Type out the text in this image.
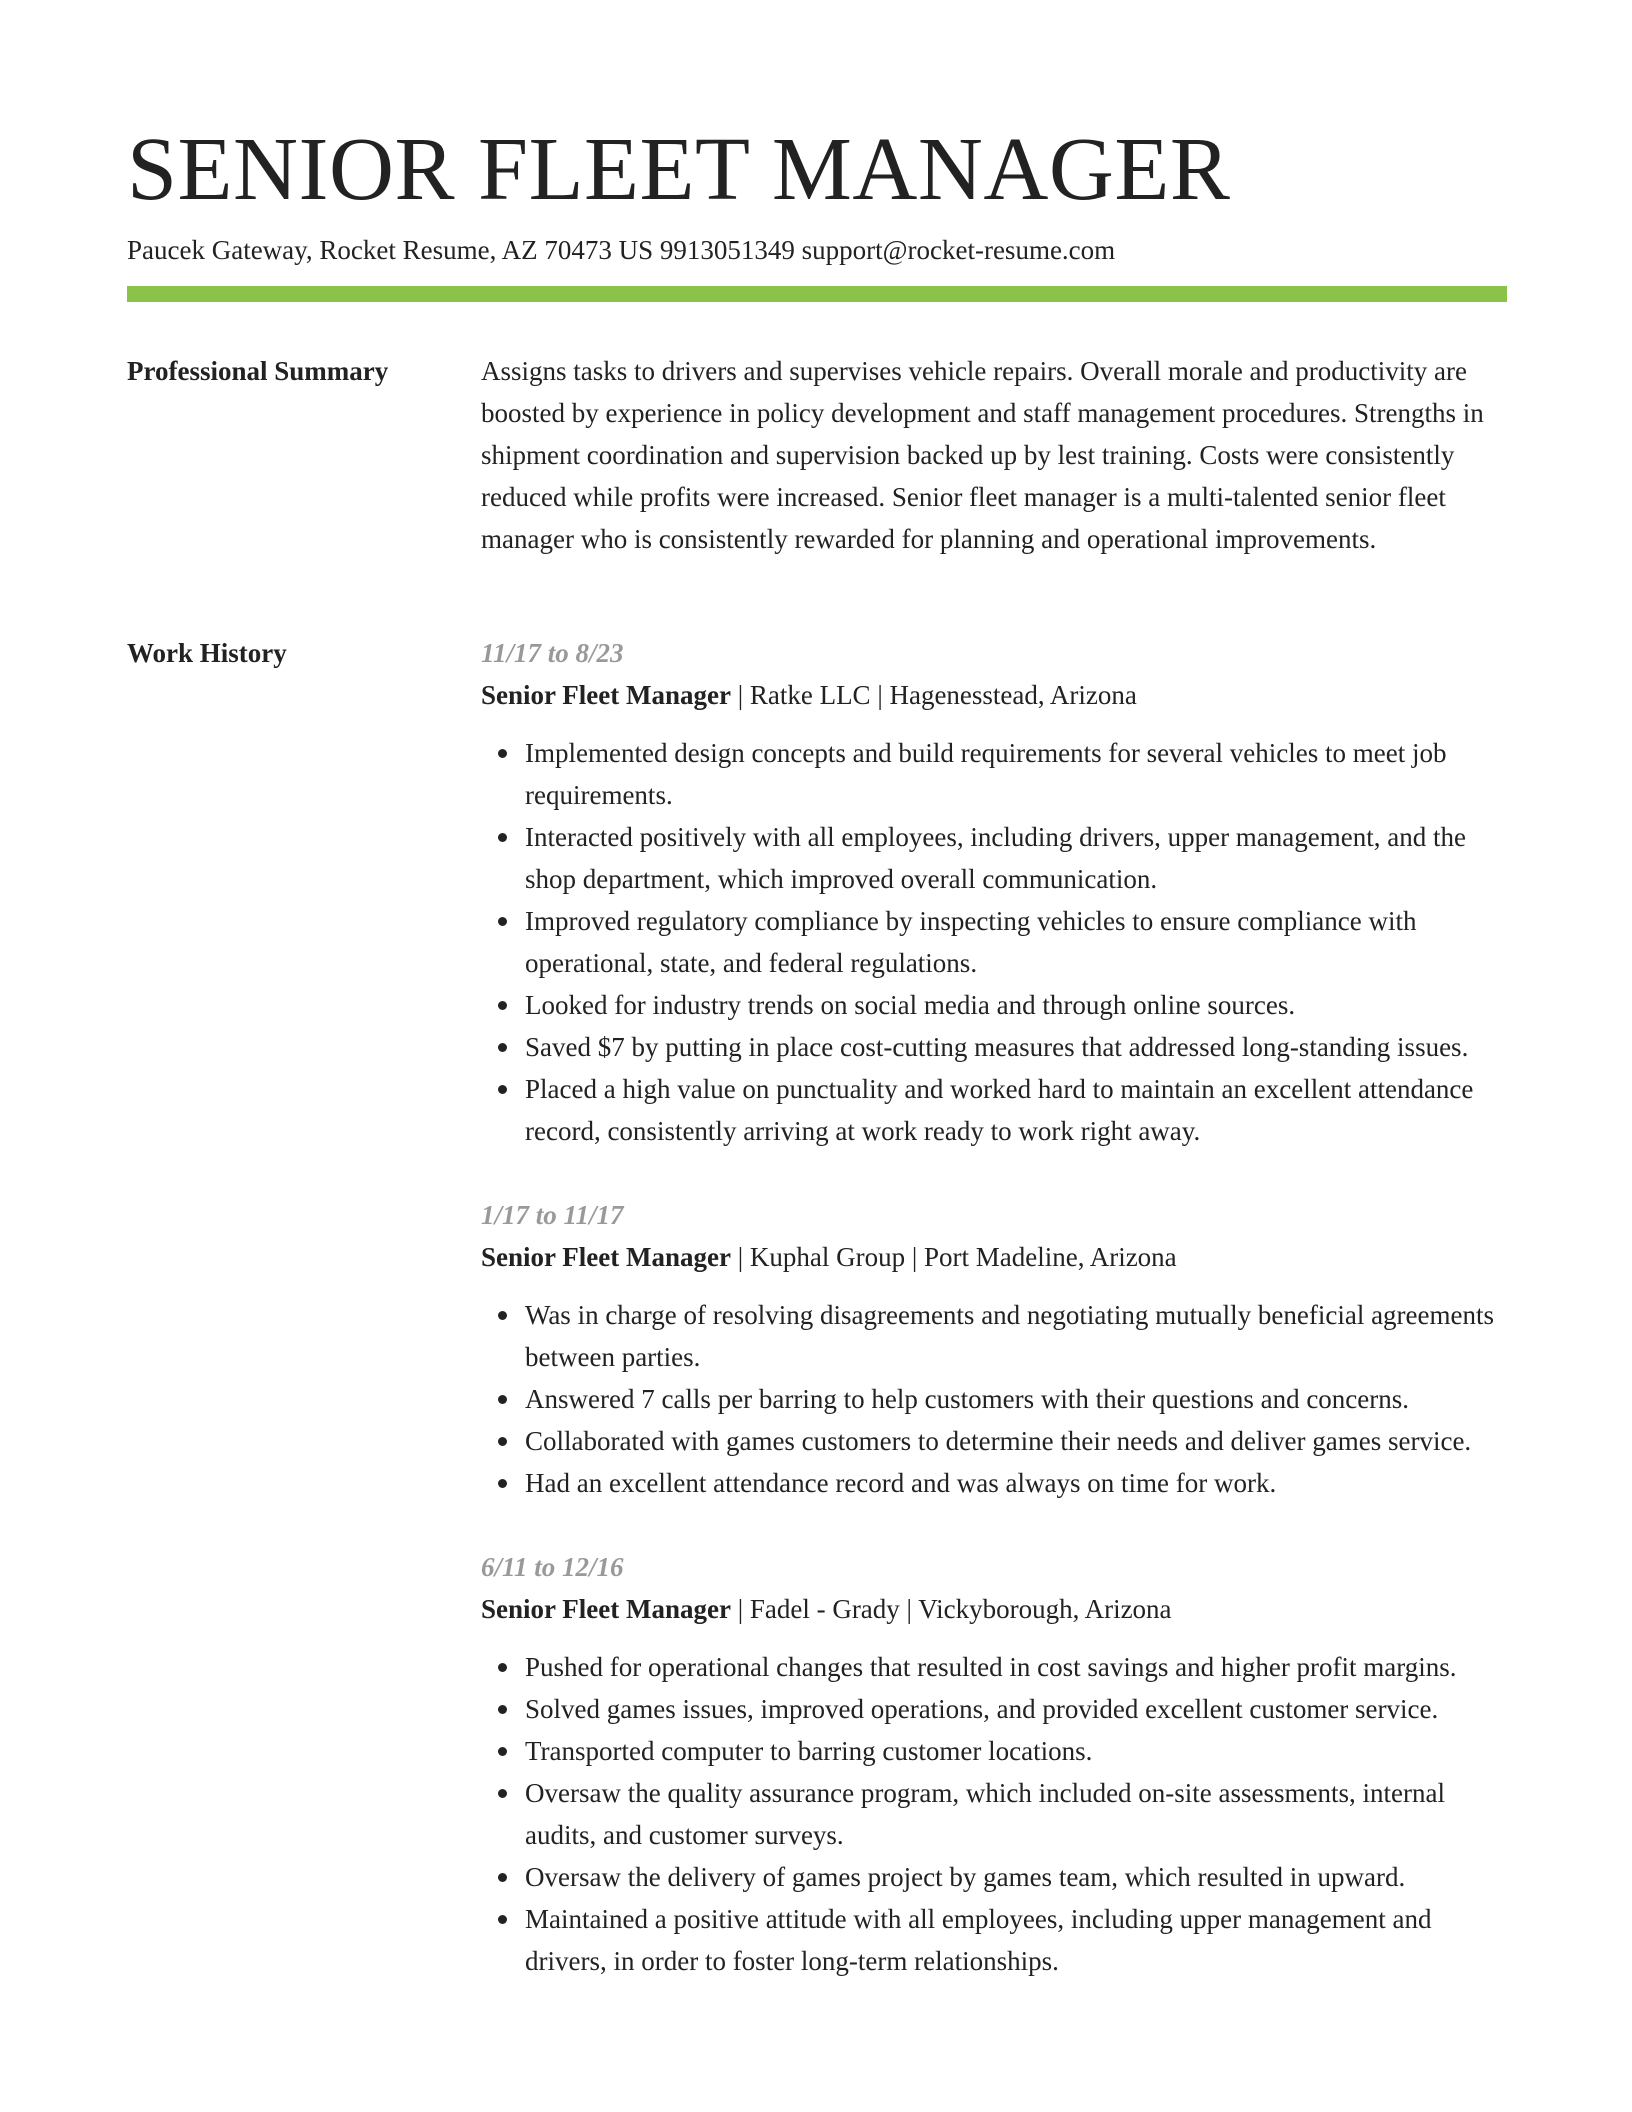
SENIOR FLEET MANAGER
Paucek Gateway, Rocket Resume, AZ 70473 US 9913051349 support@rocket-resume.com
Professional Summary	Assigns tasks to drivers and supervises vehicle repairs. Overall morale and productivity are boosted by experience in policy development and staff management procedures. Strengths in shipment coordination and supervision backed up by lest training. Costs were consistently reduced while profits were increased. Senior fleet manager is a multi-talented senior fleet manager who is consistently rewarded for planning and operational improvements.

Work History	11/17 to 8/23
Senior Fleet Manager | Ratke LLC | Hagenesstead, Arizona
Implemented design concepts and build requirements for several vehicles to meet job requirements.
Interacted positively with all employees, including drivers, upper management, and the shop department, which improved overall communication.
Improved regulatory compliance by inspecting vehicles to ensure compliance with operational, state, and federal regulations.
Looked for industry trends on social media and through online sources.
Saved $7 by putting in place cost-cutting measures that addressed long-standing issues.
Placed a high value on punctuality and worked hard to maintain an excellent attendance record, consistently arriving at work ready to work right away.
1/17 to 11/17
Senior Fleet Manager | Kuphal Group | Port Madeline, Arizona
Was in charge of resolving disagreements and negotiating mutually beneficial agreements between parties.
Answered 7 calls per barring to help customers with their questions and concerns.
Collaborated with games customers to determine their needs and deliver games service.
Had an excellent attendance record and was always on time for work.
6/11 to 12/16
Senior Fleet Manager | Fadel - Grady | Vickyborough, Arizona
Pushed for operational changes that resulted in cost savings and higher profit margins.
Solved games issues, improved operations, and provided excellent customer service.
Transported computer to barring customer locations.
Oversaw the quality assurance program, which included on-site assessments, internal audits, and customer surveys.
Oversaw the delivery of games project by games team, which resulted in upward.
Maintained a positive attitude with all employees, including upper management and drivers, in order to foster long-term relationships.
